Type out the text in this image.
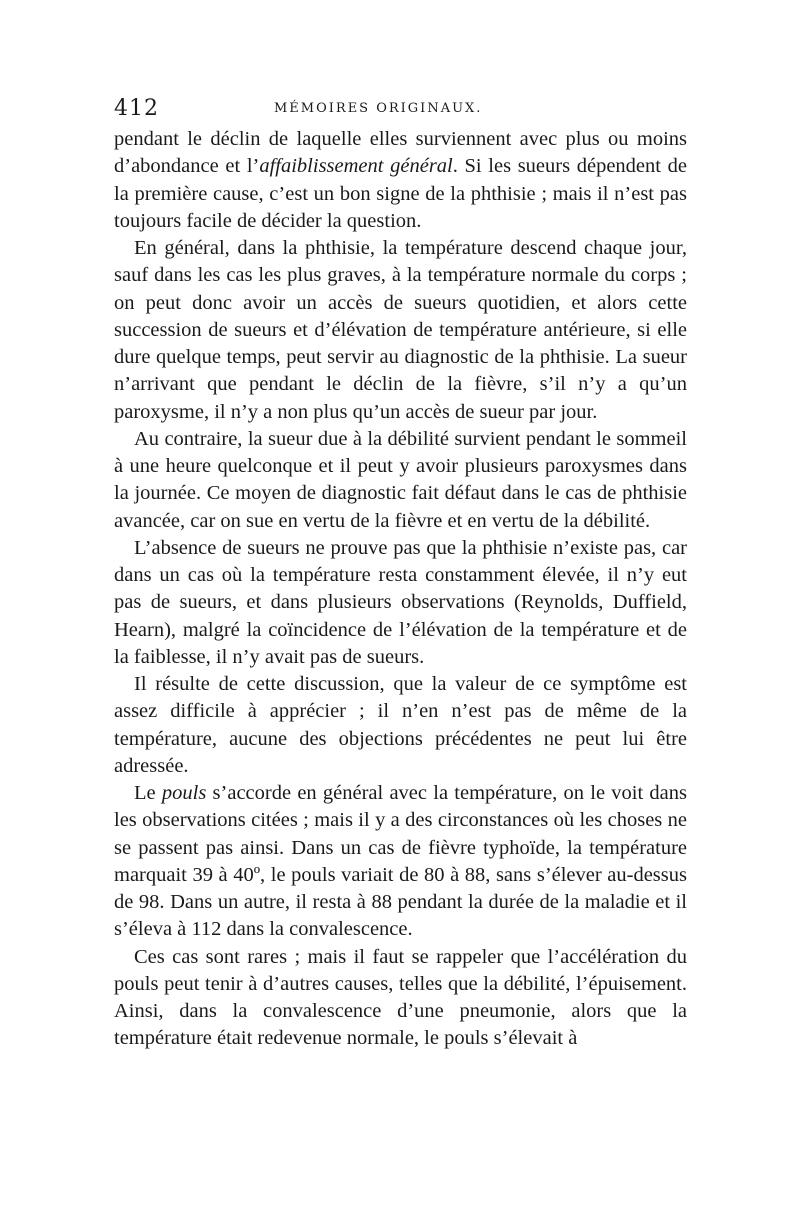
412	MÉMOIRES ORIGINAUX.

pendant le déclin de laquelle elles surviennent avec plus ou moins d’abondance et l’affaiblissement général. Si les sueurs dépendent de la première cause, c’est un bon signe de la phthisie ; mais il n’est pas toujours facile de décider la question.

En général, dans la phthisie, la température descend chaque jour, sauf dans les cas les plus graves, à la température normale du corps ; on peut donc avoir un accès de sueurs quotidien, et alors cette succession de sueurs et d’élévation de température antérieure, si elle dure quelque temps, peut servir au diagnostic de la phthisie. La sueur n’arrivant que pendant le déclin de la fièvre, s’il n’y a qu’un paroxysme, il n’y a non plus qu’un accès de sueur par jour.

Au contraire, la sueur due à la débilité survient pendant le sommeil à une heure quelconque et il peut y avoir plusieurs paroxysmes dans la journée. Ce moyen de diagnostic fait défaut dans le cas de phthisie avancée, car on sue en vertu de la fièvre et en vertu de la débilité.

L’absence de sueurs ne prouve pas que la phthisie n’existe pas, car dans un cas où la température resta constamment élevée, il n’y eut pas de sueurs, et dans plusieurs observations (Reynolds, Duffield, Hearn), malgré la coïncidence de l’élévation de la température et de la faiblesse, il n’y avait pas de sueurs.

Il résulte de cette discussion, que la valeur de ce symptôme est assez difficile à apprécier ; il n’en n’est pas de même de la température, aucune des objections précédentes ne peut lui être adressée.

Le pouls s’accorde en général avec la température, on le voit dans les observations citées ; mais il y a des circonstances où les choses ne se passent pas ainsi. Dans un cas de fièvre typhoïde, la température marquait 39 à 40º, le pouls variait de 80 à 88, sans s’élever au-dessus de 98. Dans un autre, il resta à 88 pendant la durée de la maladie et il s’éleva à 112 dans la convalescence.

Ces cas sont rares ; mais il faut se rappeler que l’accélération du pouls peut tenir à d’autres causes, telles que la débilité, l’épuisement. Ainsi, dans la convalescence d’une pneumonie, alors que la température était redevenue normale, le pouls s’élevait à
